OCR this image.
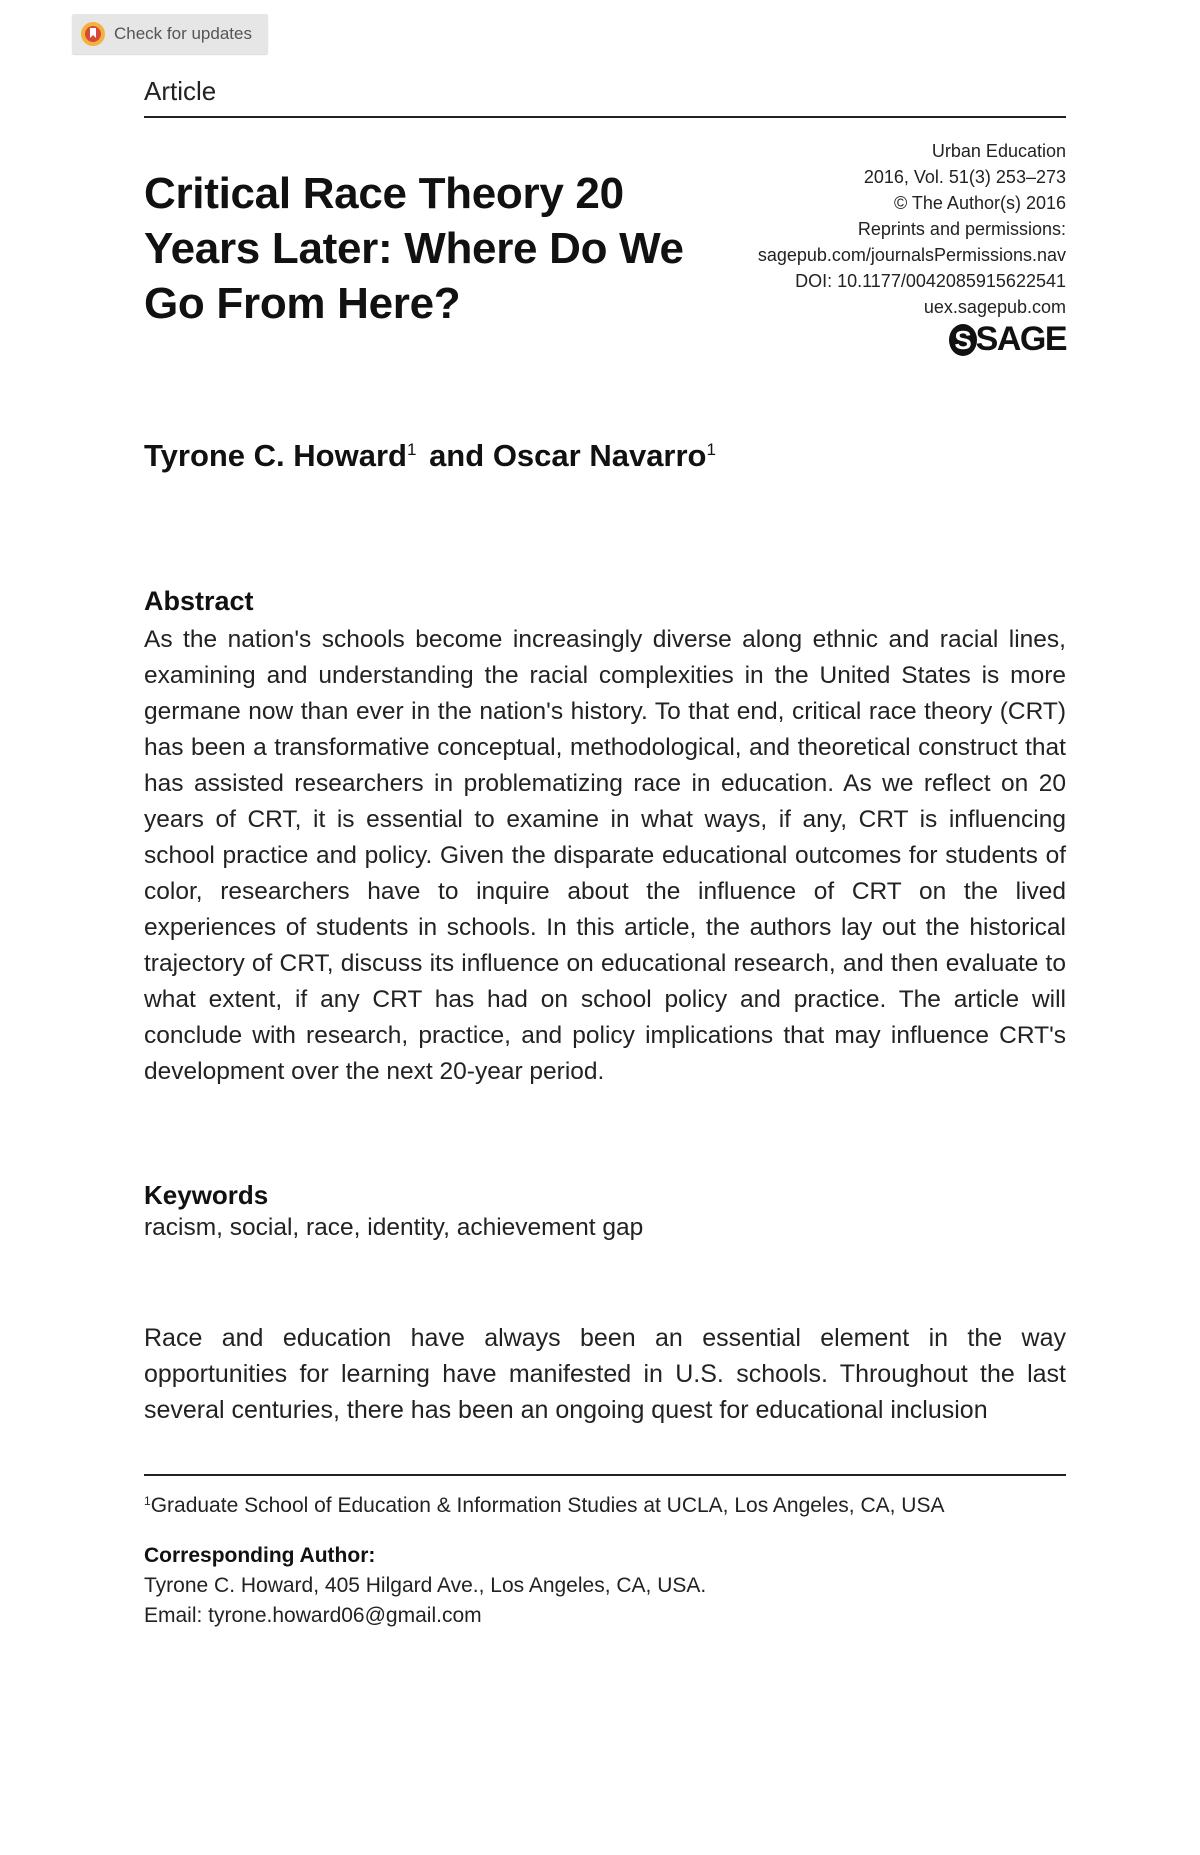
Check for updates
Article
Critical Race Theory 20 Years Later: Where Do We Go From Here?
Urban Education
2016, Vol. 51(3) 253–273
© The Author(s) 2016
Reprints and permissions:
sagepub.com/journalsPermissions.nav
DOI: 10.1177/0042085915622541
uex.sagepub.com
S SAGE
Tyrone C. Howard$^1$ and Oscar Navarro$^1$
Abstract

As the nation's schools become increasingly diverse along ethnic and racial lines, examining and understanding the racial complexities in the United States is more germane now than ever in the nation's history. To that end, critical race theory (CRT) has been a transformative conceptual, methodological, and theoretical construct that has assisted researchers in problematizing race in education. As we reflect on 20 years of CRT, it is essential to examine in what ways, if any, CRT is influencing school practice and policy. Given the disparate educational outcomes for students of color, researchers have to inquire about the influence of CRT on the lived experiences of students in schools. In this article, the authors lay out the historical trajectory of CRT, discuss its influence on educational research, and then evaluate to what extent, if any CRT has had on school policy and practice. The article will conclude with research, practice, and policy implications that may influence CRT's development over the next 20-year period.

Keywords
racism, social, race, identity, achievement gap

Race and education have always been an essential element in the way opportunities for learning have manifested in U.S. schools. Throughout the last several centuries, there has been an ongoing quest for educational inclusion

$^1$Graduate School of Education & Information Studies at UCLA, Los Angeles, CA, USA
Corresponding Author:
Tyrone C. Howard, 405 Hilgard Ave., Los Angeles, CA, USA.
Email: tyrone.howard06@gmail.com
